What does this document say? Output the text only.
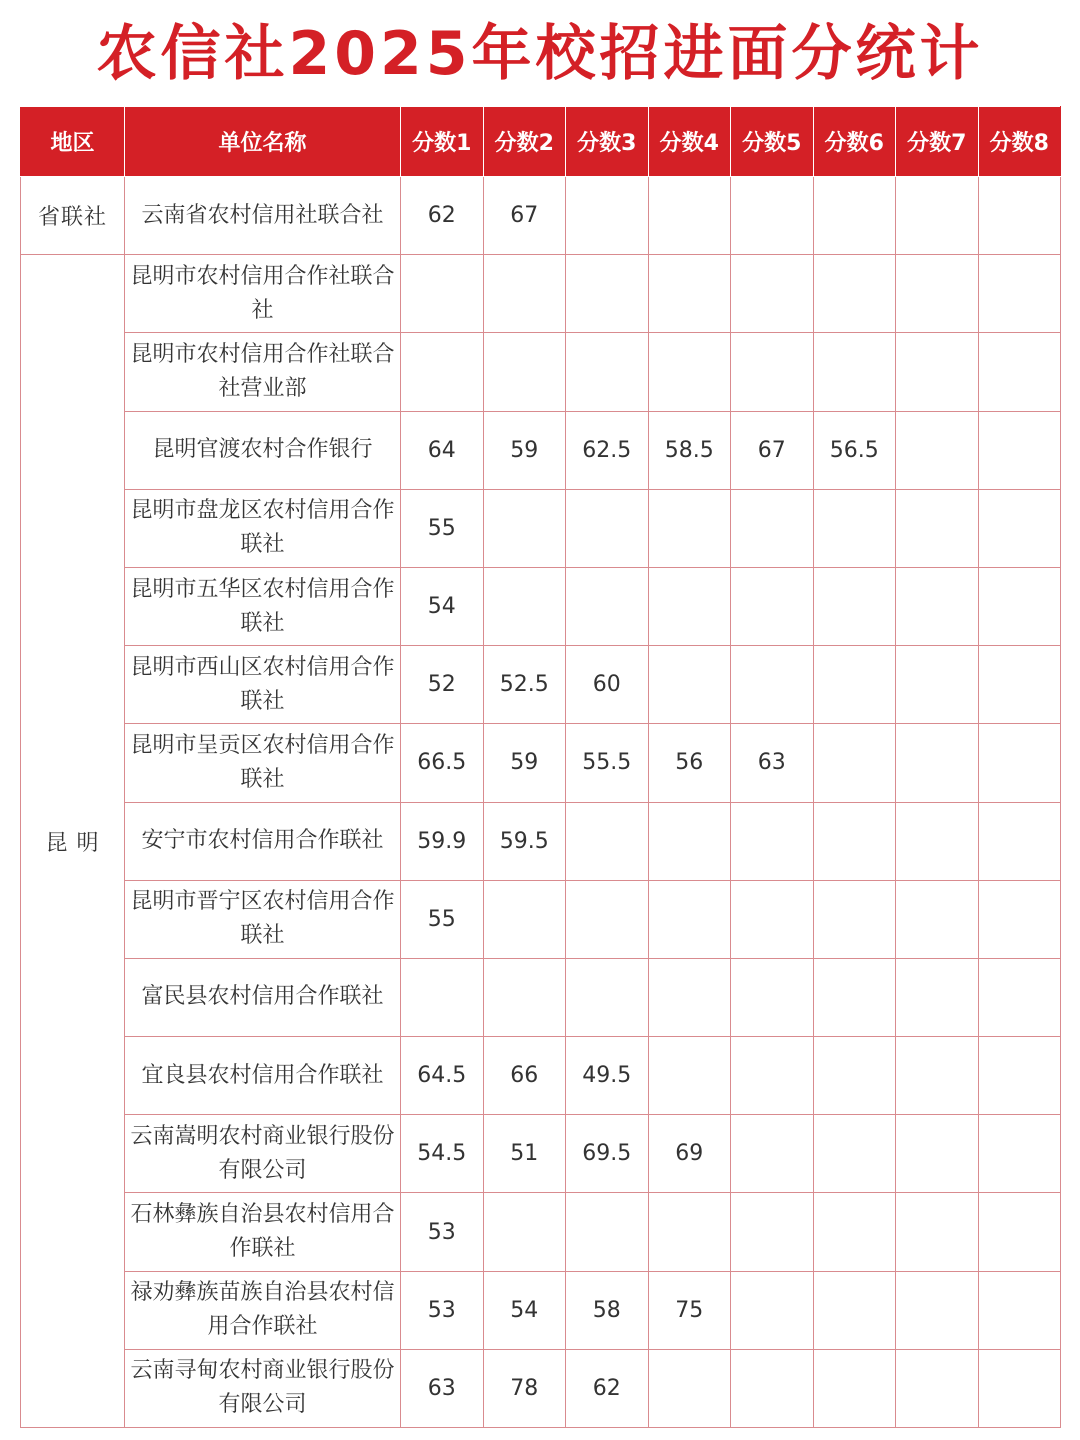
农信社2025年校招进面分统计
地区	单位名称	分数1	分数2	分数3	分数4	分数5	分数6	分数7	分数8
省联社	云南省农村信用社联合社	62	67						
昆 明	昆明市农村信用合作社联合社								
	昆明市农村信用合作社联合社营业部								
	昆明官渡农村合作银行	64	59	62.5	58.5	67	56.5		
	昆明市盘龙区农村信用合作联社	55							
	昆明市五华区农村信用合作联社	54							
	昆明市西山区农村信用合作联社	52	52.5	60					
	昆明市呈贡区农村信用合作联社	66.5	59	55.5	56	63			
	安宁市农村信用合作联社	59.9	59.5						
	昆明市晋宁区农村信用合作联社	55							
	富民县农村信用合作联社								
	宜良县农村信用合作联社	64.5	66	49.5					
	云南嵩明农村商业银行股份有限公司	54.5	51	69.5	69				
	石林彝族自治县农村信用合作联社	53							
	禄劝彝族苗族自治县农村信用合作联社	53	54	58	75				
	云南寻甸农村商业银行股份有限公司	63	78	62					
